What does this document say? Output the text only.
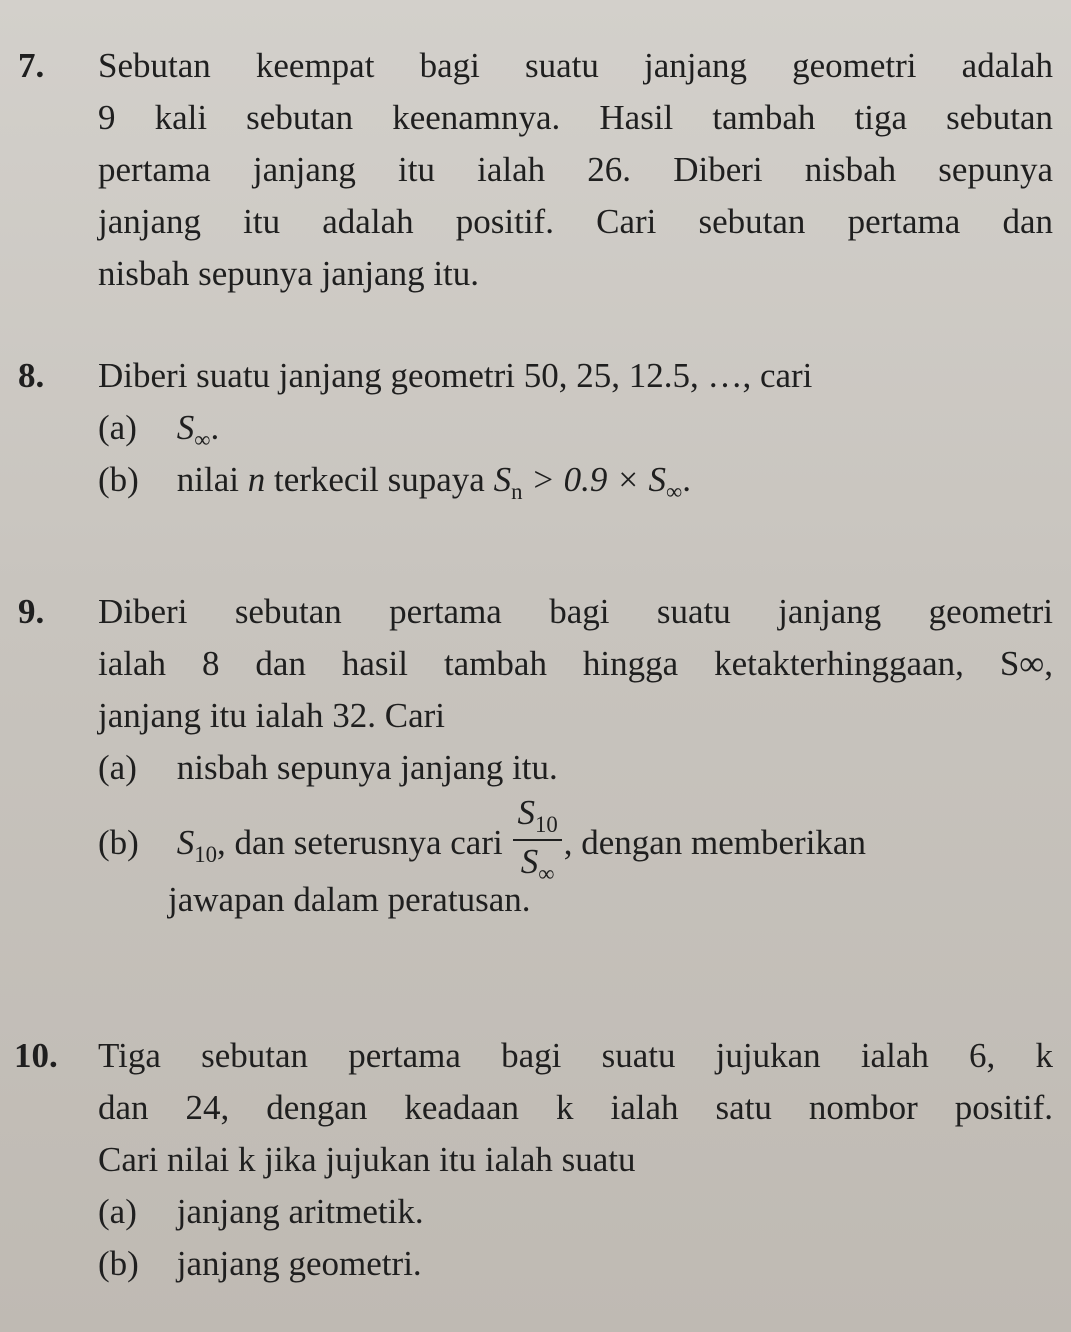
7. Sebutan keempat bagi suatu janjang geometri adalah
9 kali sebutan keenamnya. Hasil tambah tiga sebutan
pertama janjang itu ialah 26. Diberi nisbah sepunya
janjang itu adalah positif. Cari sebutan pertama dan
nisbah sepunya janjang itu.
8. Diberi suatu janjang geometri 50, 25, 12.5, …, cari
(a) $S_\infty$.
(b) nilai n terkecil supaya $S_n > 0.9 \times S_\infty$.
9. Diberi sebutan pertama bagi suatu janjang geometri
ialah 8 dan hasil tambah hingga ketakterhinggaan, S∞,
janjang itu ialah 32. Cari
(a) nisbah sepunya janjang itu.
(b) $S_{10}$, dan seterusnya cari $\frac{S_{10}}{S_\infty}$ , dengan memberikan
jawapan dalam peratusan.
10. Tiga sebutan pertama bagi suatu jujukan ialah 6, k
dan 24, dengan keadaan k ialah satu nombor positif.
Cari nilai k jika jujukan itu ialah suatu
(a) janjang aritmetik.
(b) janjang geometri.
